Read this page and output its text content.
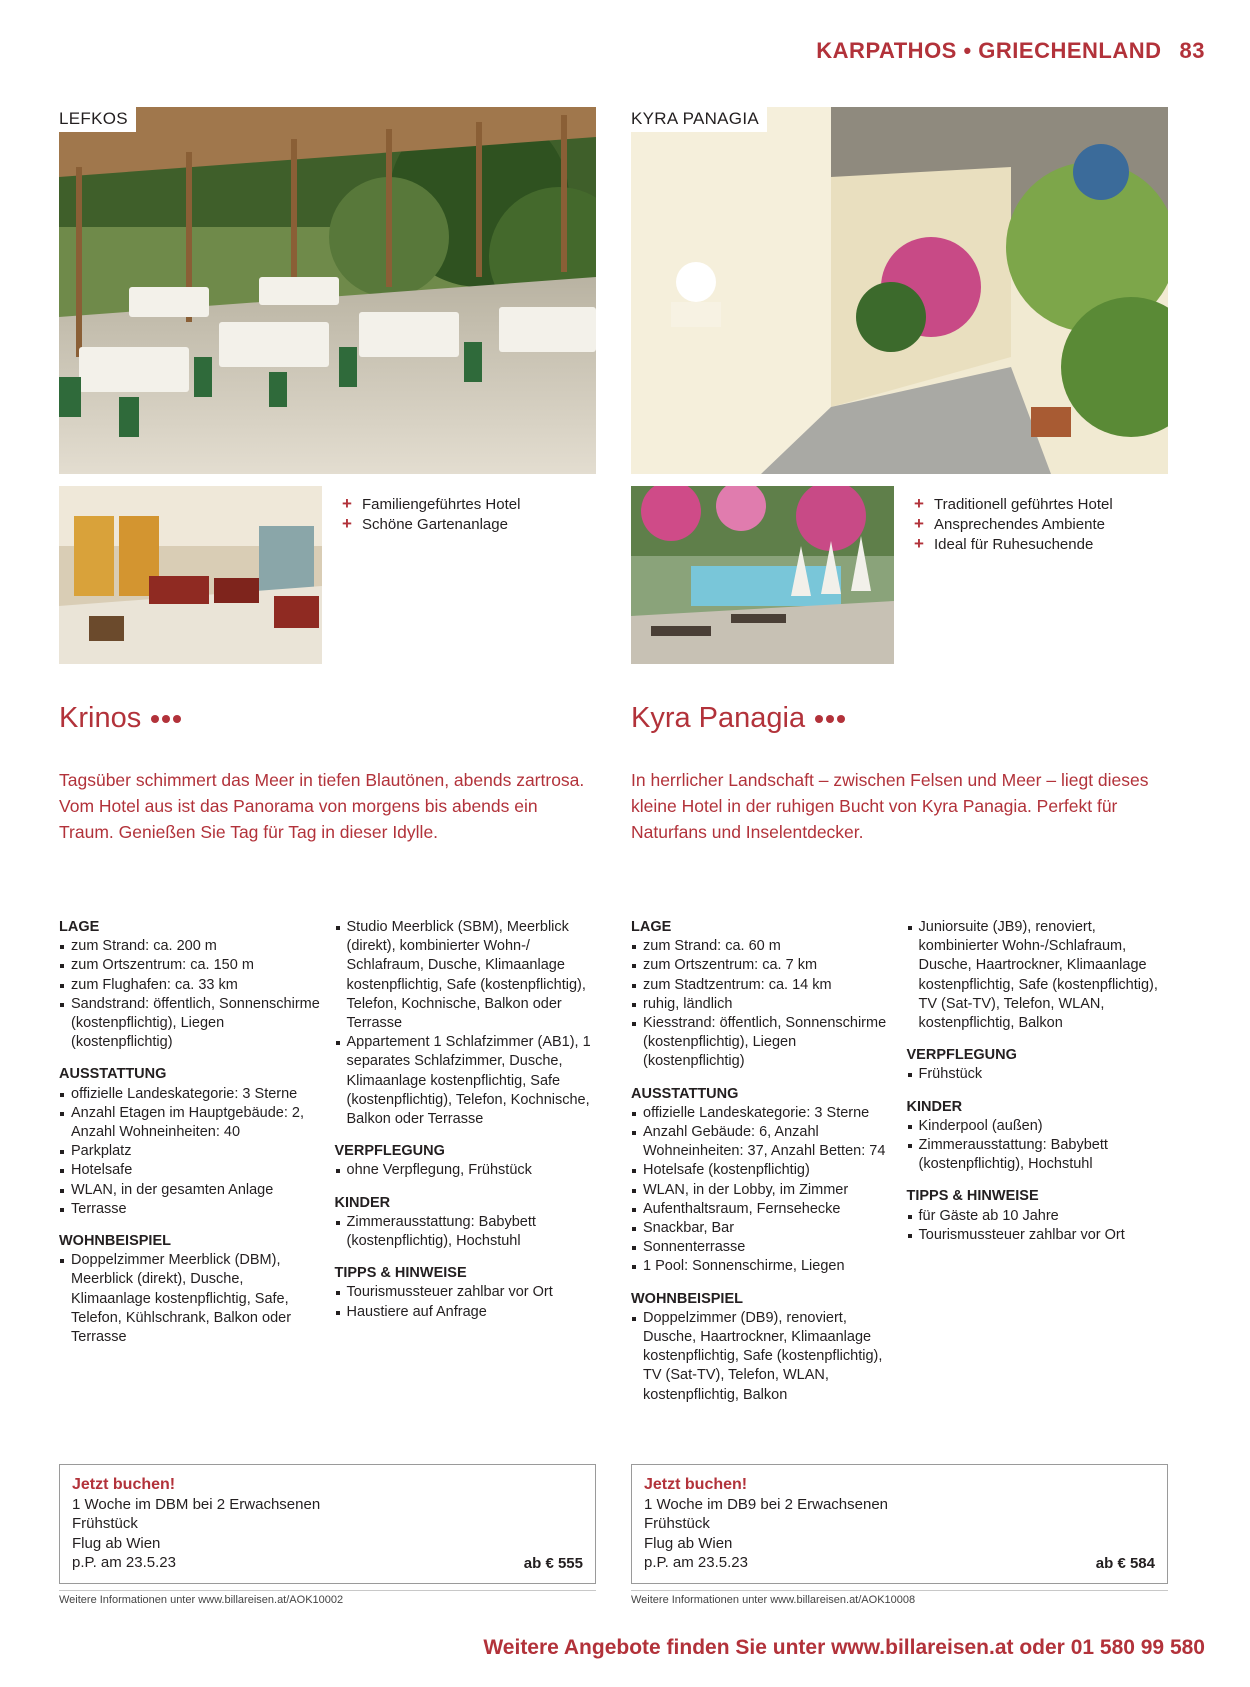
KARPATHOS • GRIECHENLAND 83
LEFKOS
+ Familiengeführtes Hotel
+ Schöne Gartenanlage
Krinos

Tagsüber schimmert das Meer in tiefen Blautönen, abends zartrosa. Vom Hotel aus ist das Panorama von morgens bis abends ein Traum. Genießen Sie Tag für Tag in dieser Idylle.

LAGE
zum Strand: ca. 200 m
zum Ortszentrum: ca. 150 m
zum Flughafen: ca. 33 km
Sandstrand: öffentlich, Sonnenschirme (kostenpflichtig), Liegen (kostenpflichtig)
AUSSTATTUNG
offizielle Landeskategorie: 3 Sterne
Anzahl Etagen im Hauptgebäude: 2, Anzahl Wohneinheiten: 40
Parkplatz
Hotelsafe
WLAN, in der gesamten Anlage
Terrasse
WOHNBEISPIEL
Doppelzimmer Meerblick (DBM), Meerblick (direkt), Dusche, Klimaanlage kostenpflichtig, Safe, Telefon, Kühlschrank, Balkon oder Terrasse
Studio Meerblick (SBM), Meerblick (direkt), kombinierter Wohn-/ Schlafraum, Dusche, Klimaanlage kostenpflichtig, Safe (kostenpflichtig), Telefon, Kochnische, Balkon oder Terrasse
Appartement 1 Schlafzimmer (AB1), 1 separates Schlafzimmer, Dusche, Klimaanlage kostenpflichtig, Safe (kostenpflichtig), Telefon, Kochnische, Balkon oder Terrasse
VERPFLEGUNG
ohne Verpflegung, Frühstück
KINDER
Zimmerausstattung: Babybett (kostenpflichtig), Hochstuhl
TIPPS & HINWEISE
Tourismussteuer zahlbar vor Ort
Haustiere auf Anfrage
Jetzt buchen!
1 Woche im DBM bei 2 Erwachsenen
Frühstück
Flug ab Wien
p.P. am 23.5.23	ab € 555
Weitere Informationen unter www.billareisen.at/AOK10002
KYRA PANAGIA
+ Traditionell geführtes Hotel
+ Ansprechendes Ambiente
+ Ideal für Ruhesuchende
Kyra Panagia

In herrlicher Landschaft – zwischen Felsen und Meer – liegt dieses kleine Hotel in der ruhigen Bucht von Kyra Panagia. Perfekt für Naturfans und Inselentdecker.

LAGE
zum Strand: ca. 60 m
zum Ortszentrum: ca. 7 km
zum Stadtzentrum: ca. 14 km
ruhig, ländlich
Kiesstrand: öffentlich, Sonnenschirme (kostenpflichtig), Liegen (kostenpflichtig)
AUSSTATTUNG
offizielle Landeskategorie: 3 Sterne
Anzahl Gebäude: 6, Anzahl Wohneinheiten: 37, Anzahl Betten: 74
Hotelsafe (kostenpflichtig)
WLAN, in der Lobby, im Zimmer
Aufenthaltsraum, Fernsehecke
Snackbar, Bar
Sonnenterrasse
1 Pool: Sonnenschirme, Liegen
WOHNBEISPIEL
Doppelzimmer (DB9), renoviert, Dusche, Haartrockner, Klimaanlage kostenpflichtig, Safe (kostenpflichtig), TV (Sat-TV), Telefon, WLAN, kostenpflichtig, Balkon
Juniorsuite (JB9), renoviert, kombinierter Wohn-/Schlafraum, Dusche, Haartrockner, Klimaanlage kostenpflichtig, Safe (kostenpflichtig), TV (Sat-TV), Telefon, WLAN, kostenpflichtig, Balkon
VERPFLEGUNG
Frühstück
KINDER
Kinderpool (außen)
Zimmerausstattung: Babybett (kostenpflichtig), Hochstuhl
TIPPS & HINWEISE
für Gäste ab 10 Jahre
Tourismussteuer zahlbar vor Ort
Jetzt buchen!
1 Woche im DB9 bei 2 Erwachsenen
Frühstück
Flug ab Wien
p.P. am 23.5.23	ab € 584
Weitere Informationen unter www.billareisen.at/AOK10008
Weitere Angebote finden Sie unter www.billareisen.at oder 01 580 99 580
